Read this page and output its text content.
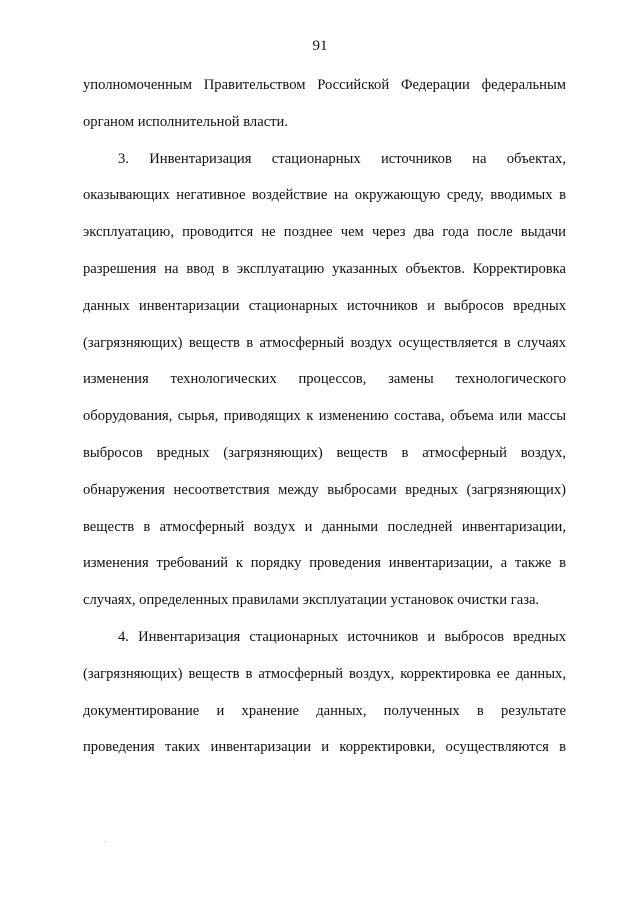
91
уполномоченным Правительством Российской Федерации федеральным
органом исполнительной власти.
3. Инвентаризация стационарных источников на объектах,
оказывающих негативное воздействие на окружающую среду, вводимых в
эксплуатацию, проводится не позднее чем через два года после выдачи
разрешения на ввод в эксплуатацию указанных объектов. Корректировка
данных инвентаризации стационарных источников и выбросов вредных
(загрязняющих) веществ в атмосферный воздух осуществляется в случаях
изменения технологических процессов, замены технологического
оборудования, сырья, приводящих к изменению состава, объема или массы
выбросов вредных (загрязняющих) веществ в атмосферный воздух,
обнаружения несоответствия между выбросами вредных (загрязняющих)
веществ в атмосферный воздух и данными последней инвентаризации,
изменения требований к порядку проведения инвентаризации, а также в
случаях, определенных правилами эксплуатации установок очистки газа.
4. Инвентаризация стационарных источников и выбросов вредных
(загрязняющих) веществ в атмосферный воздух, корректировка ее данных,
документирование и хранение данных, полученных в результате
проведения таких инвентаризации и корректировки, осуществляются в
